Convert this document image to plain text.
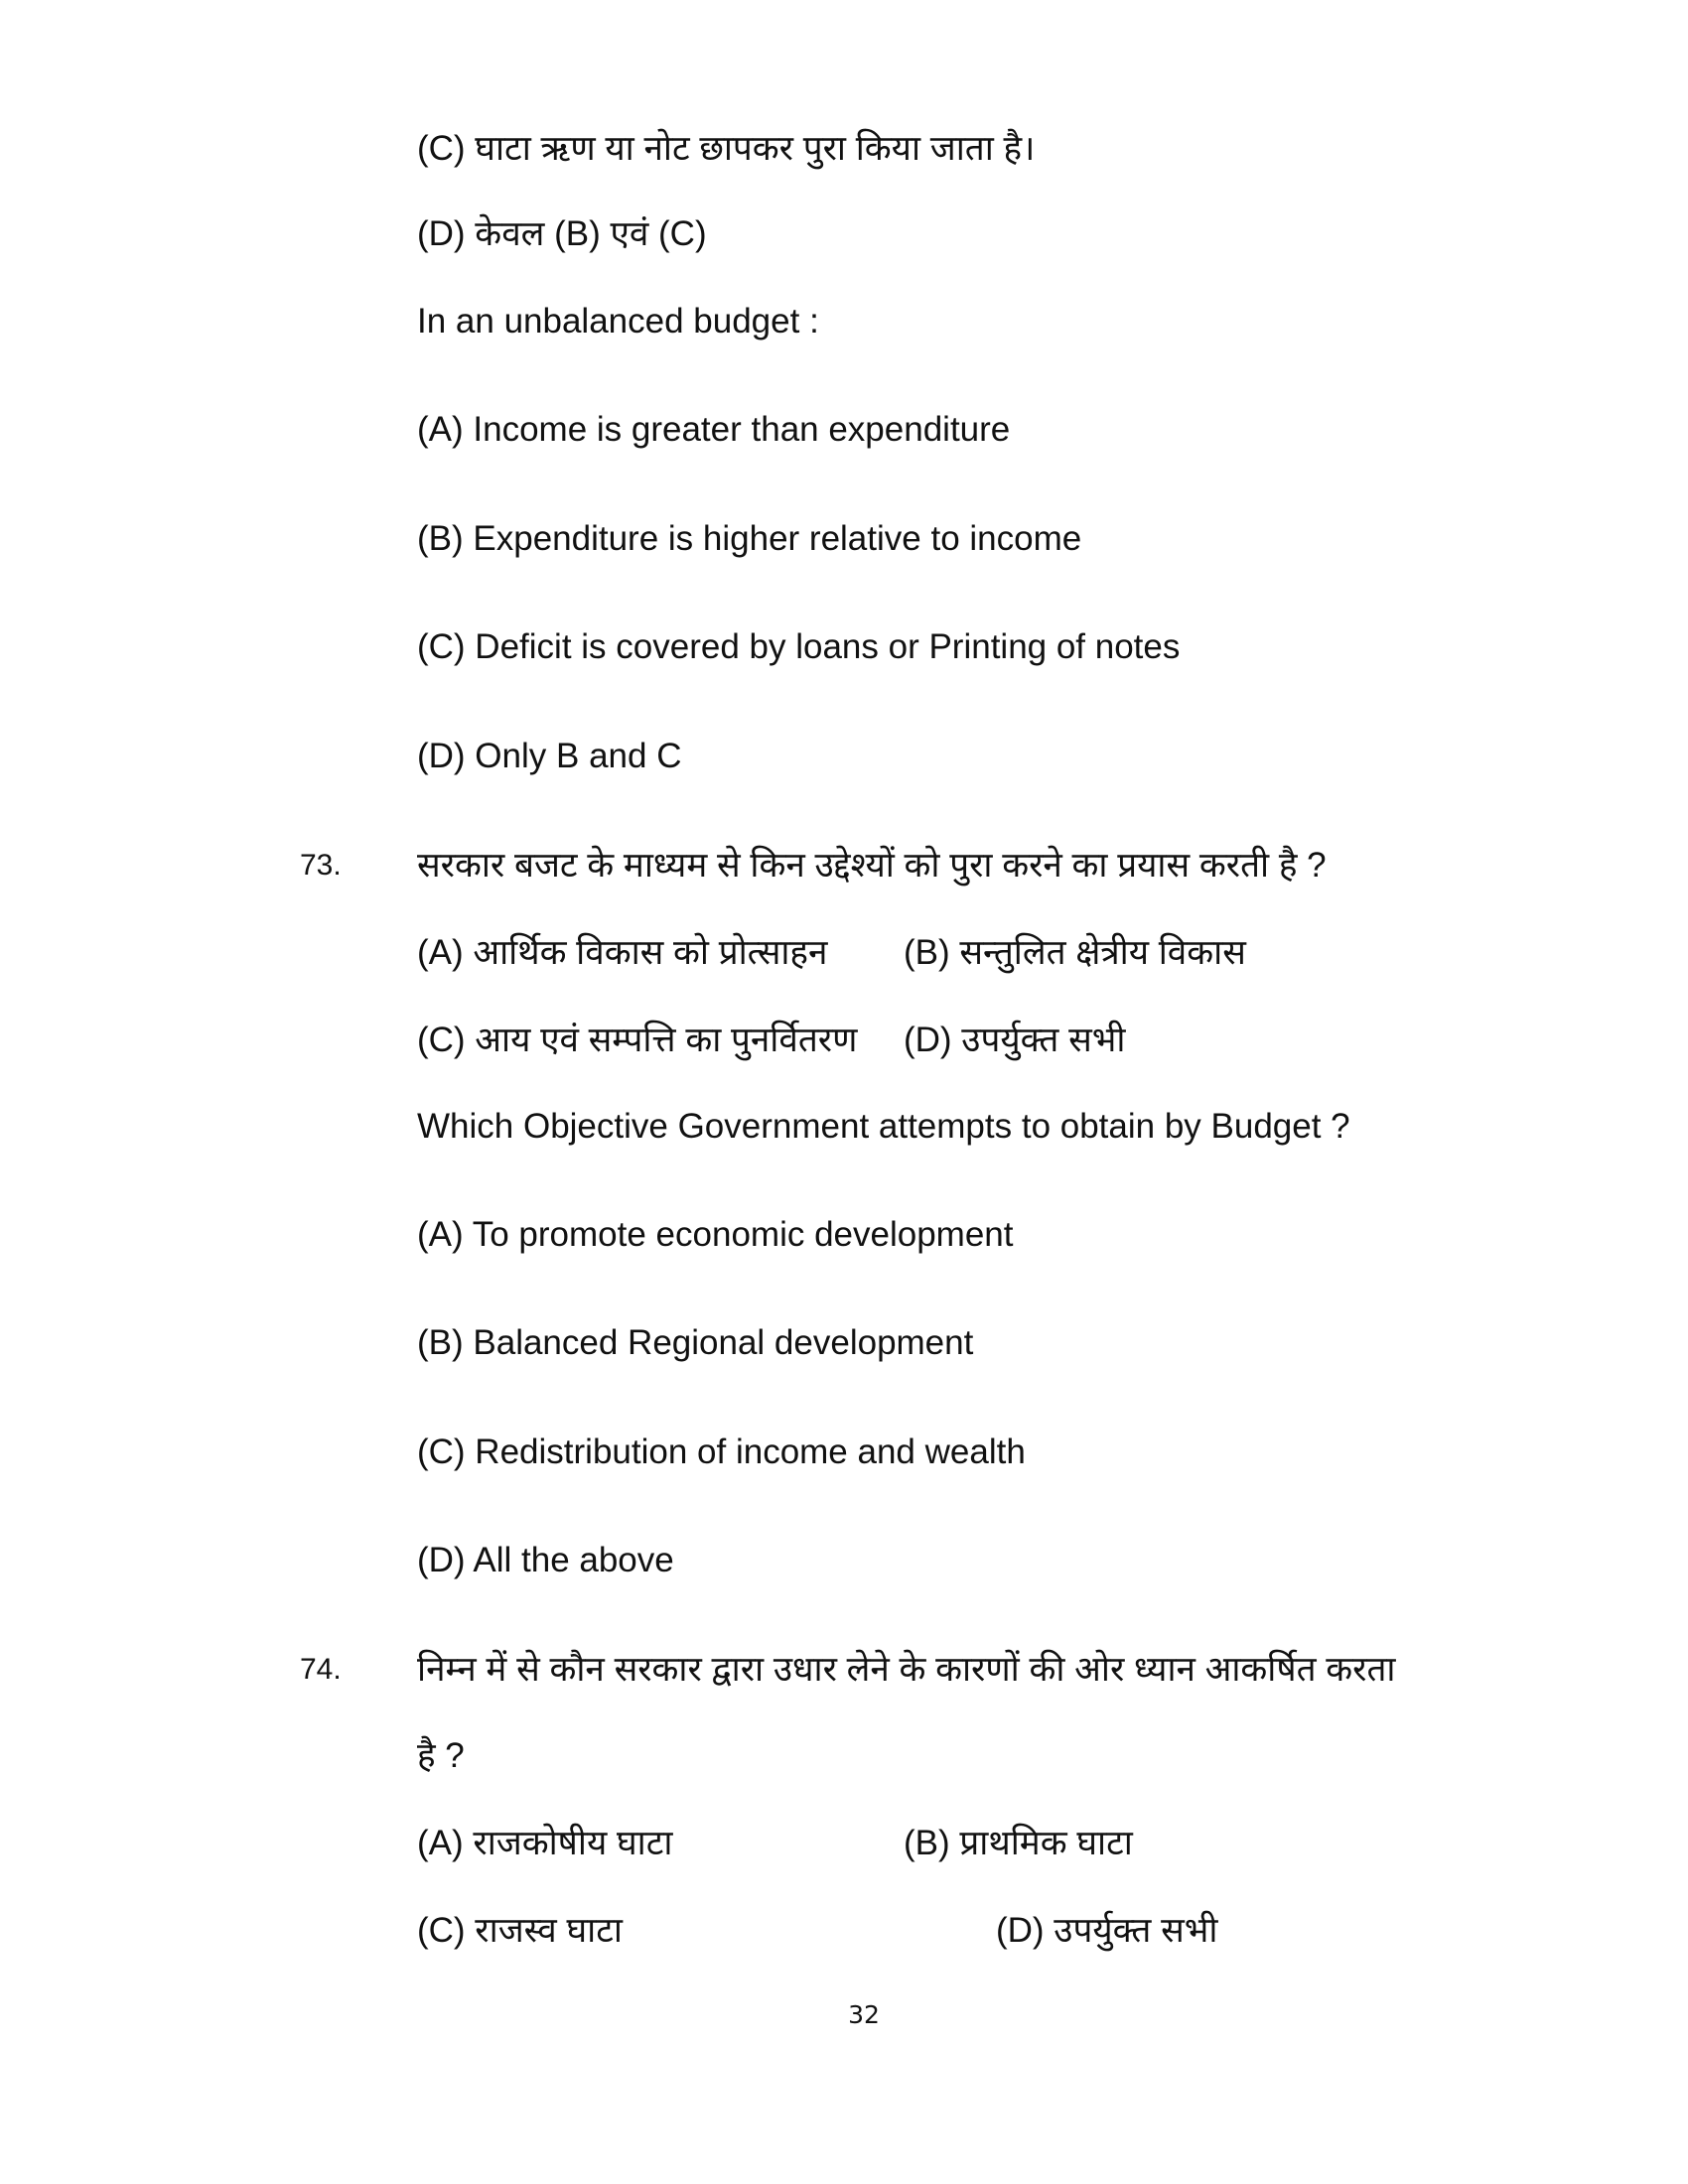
(C) घाटा ऋण या नोट छापकर पुरा किया जाता है।
(D) केवल (B) एवं (C)
In an unbalanced budget :
(A) Income is greater than expenditure
(B) Expenditure is higher relative to income
(C) Deficit is covered by loans or Printing of notes
(D) Only B and C
73. सरकार बजट के माध्यम से किन उद्देश्यों को पुरा करने का प्रयास करती है ?
(A) आर्थिक विकास को प्रोत्साहन (B) सन्तुलित क्षेत्रीय विकास
(C) आय एवं सम्पत्ति का पुनर्वितरण (D) उपर्युक्त सभी
Which Objective Government attempts to obtain by Budget ?
(A) To promote economic development
(B) Balanced Regional development
(C) Redistribution of income and wealth
(D) All the above
74. निम्न में से कौन सरकार द्वारा उधार लेने के कारणों की ओर ध्यान आकर्षित करता
है ?
(A) राजकोषीय घाटा	(B) प्राथमिक घाटा
(C) राजस्व घाटा	(D) उपर्युक्त सभी
32
